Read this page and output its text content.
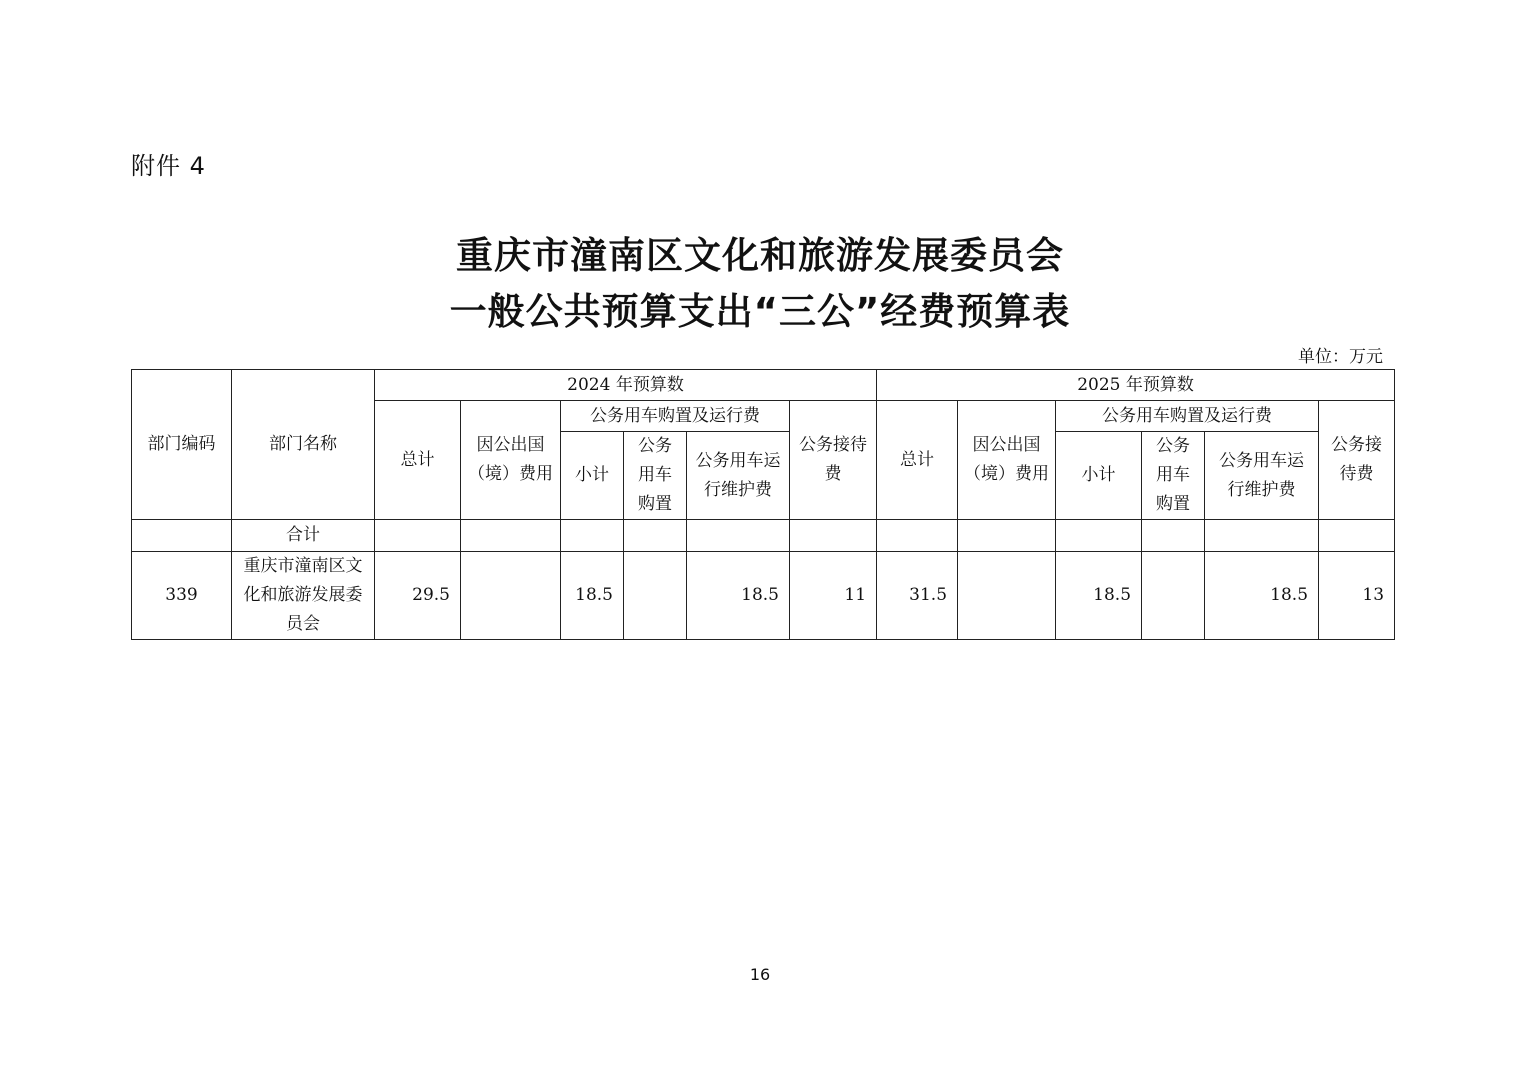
附件 4
重庆市潼南区文化和旅游发展委员会
一般公共预算支出“三公”经费预算表
单位：万元
部门编码	部门名称	2024 年预算数						2025 年预算数					
		总计	因公出国（境）费用	公务用车购置及运行费			公务接待费	总计	因公出国（境）费用	公务用车购置及运行费			公务接待费
				小计	公务用车购置	公务用车运行维护费				小计	公务用车购置	公务用车运行维护费	

	合计												
339	重庆市潼南区文化和旅游发展委员会	29.5		18.5		18.5	11	31.5		18.5		18.5	13
16
